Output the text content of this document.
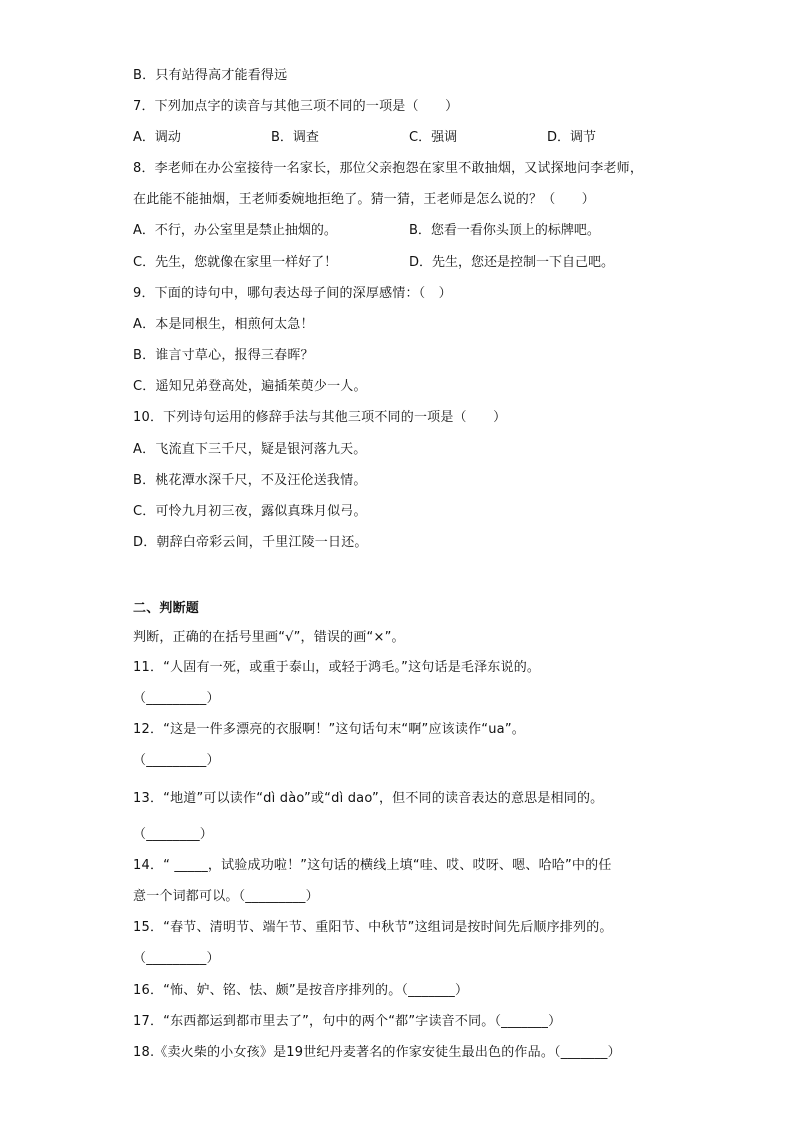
B．只有站得高才能看得远
7．下列加点字的读音与其他三项不同的一项是（　　）
A．调动	B．调查	C．强调	D．调节
8．李老师在办公室接待一名家长，那位父亲抱怨在家里不敢抽烟，又试探地问李老师，
在此能不能抽烟，王老师委婉地拒绝了。猜一猜，王老师是怎么说的？（　　）
A．不行，办公室里是禁止抽烟的。	B．您看一看你头顶上的标牌吧。
C．先生，您就像在家里一样好了！	D．先生，您还是控制一下自己吧。
9．下面的诗句中，哪句表达母子间的深厚感情：（　）
A．本是同根生，相煎何太急！
B．谁言寸草心，报得三春晖？
C．遥知兄弟登高处，遍插茱萸少一人。
10．下列诗句运用的修辞手法与其他三项不同的一项是（　　）
A．飞流直下三千尺，疑是银河落九天。
B．桃花潭水深千尺，不及汪伦送我情。
C．可怜九月初三夜，露似真珠月似弓。
D．朝辞白帝彩云间，千里江陵一日还。
二、判断题
判断，正确的在括号里画“√”，错误的画“×”。
11．“人固有一死，或重于泰山，或轻于鸿毛。”这句话是毛泽东说的。
（_________）
12．“这是一件多漂亮的衣服啊！”这句话句末“啊”应该读作“ua”。
（_________）
13．“地道”可以读作“dì dào”或“dì dao”，但不同的读音表达的意思是相同的。
（________）
14．“ _____，试验成功啦！”这句话的横线上填“哇、哎、哎呀、嗯、哈哈”中的任
意一个词都可以。（_________）
15．“春节、清明节、端午节、重阳节、中秋节”这组词是按时间先后顺序排列的。
（_________）
16．“怖、妒、铭、怯、颇”是按音序排列的。（_______）
17．“东西都运到都市里去了”，句中的两个“都”字读音不同。（_______）
18.《卖火柴的小女孩》是19世纪丹麦著名的作家安徒生最出色的作品。（_______）
